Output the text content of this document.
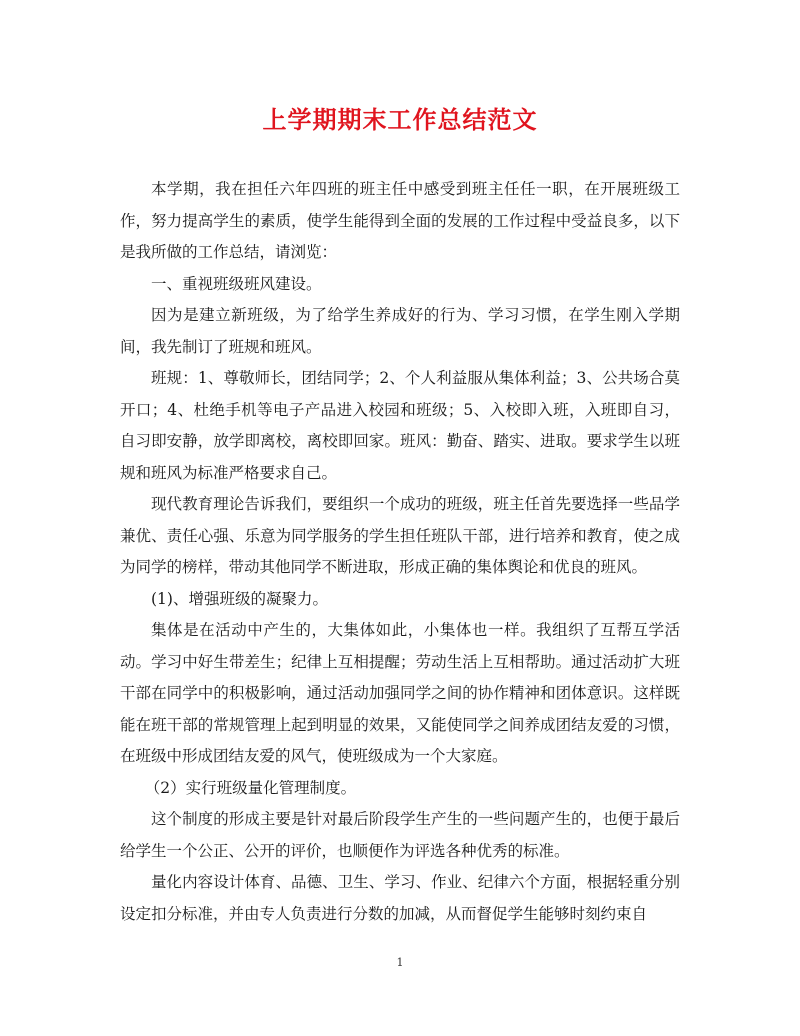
上学期期末工作总结范文

本学期，我在担任六年四班的班主任中感受到班主任任一职，在开展班级工作，努力提高学生的素质，使学生能得到全面的发展的工作过程中受益良多，以下是我所做的工作总结，请浏览：

一、重视班级班风建设。

因为是建立新班级，为了给学生养成好的行为、学习习惯，在学生刚入学期间，我先制订了班规和班风。

班规：1、尊敬师长，团结同学；2、个人利益服从集体利益；3、公共场合莫开口；4、杜绝手机等电子产品进入校园和班级；5、入校即入班，入班即自习，自习即安静，放学即离校，离校即回家。班风：勤奋、踏实、进取。要求学生以班规和班风为标准严格要求自己。

现代教育理论告诉我们，要组织一个成功的班级，班主任首先要选择一些品学兼优、责任心强、乐意为同学服务的学生担任班队干部，进行培养和教育，使之成为同学的榜样，带动其他同学不断进取，形成正确的集体舆论和优良的班风。

(1)、增强班级的凝聚力。

集体是在活动中产生的，大集体如此，小集体也一样。我组织了互帮互学活动。学习中好生带差生；纪律上互相提醒；劳动生活上互相帮助。通过活动扩大班干部在同学中的积极影响，通过活动加强同学之间的协作精神和团体意识。这样既能在班干部的常规管理上起到明显的效果，又能使同学之间养成团结友爱的习惯，在班级中形成团结友爱的风气，使班级成为一个大家庭。

（2）实行班级量化管理制度。

这个制度的形成主要是针对最后阶段学生产生的一些问题产生的，也便于最后给学生一个公正、公开的评价，也顺便作为评选各种优秀的标准。

量化内容设计体育、品德、卫生、学习、作业、纪律六个方面，根据轻重分别设定扣分标准，并由专人负责进行分数的加减，从而督促学生能够时刻约束自

1
